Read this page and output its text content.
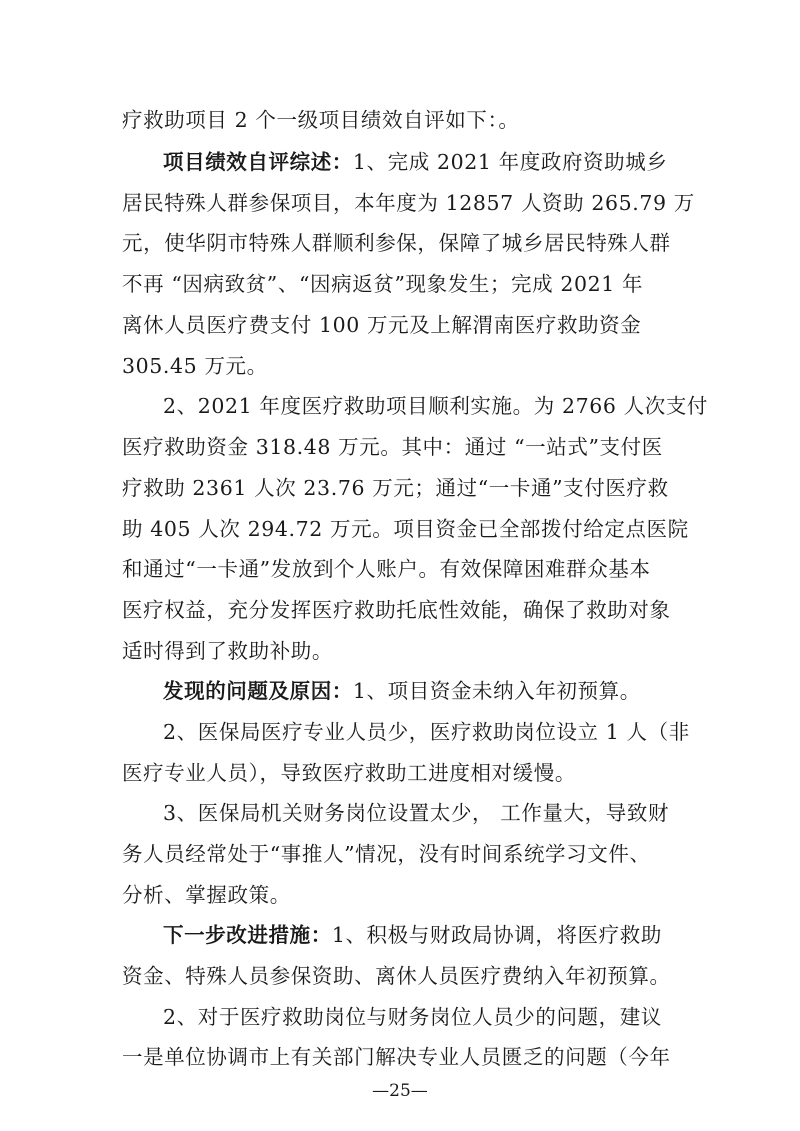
疗救助项目 2 个一级项目绩效自评如下：。
项目绩效自评综述：1、完成 2021 年度政府资助城乡
居民特殊人群参保项目，本年度为 12857 人资助 265.79 万
元，使华阴市特殊人群顺利参保，保障了城乡居民特殊人群
不再 “因病致贫”、“因病返贫”现象发生；完成 2021 年
离休人员医疗费支付 100 万元及上解渭南医疗救助资金
305.45 万元。
2、2021 年度医疗救助项目顺利实施。为 2766 人次支付
医疗救助资金 318.48 万元。其中：通过 “一站式”支付医
疗救助 2361 人次 23.76 万元；通过“一卡通”支付医疗救
助 405 人次 294.72 万元。项目资金已全部拨付给定点医院
和通过“一卡通”发放到个人账户。有效保障困难群众基本
医疗权益，充分发挥医疗救助托底性效能，确保了救助对象
适时得到了救助补助。
发现的问题及原因：1、项目资金未纳入年初预算。
2、医保局医疗专业人员少，医疗救助岗位设立 1 人（非
医疗专业人员），导致医疗救助工进度相对缓慢。
3、医保局机关财务岗位设置太少， 工作量大，导致财
务人员经常处于“事推人”情况，没有时间系统学习文件、
分析、掌握政策。
下一步改进措施：1、积极与财政局协调，将医疗救助
资金、特殊人员参保资助、离休人员医疗费纳入年初预算。
2、对于医疗救助岗位与财务岗位人员少的问题，建议
一是单位协调市上有关部门解决专业人员匮乏的问题（今年
—25—
